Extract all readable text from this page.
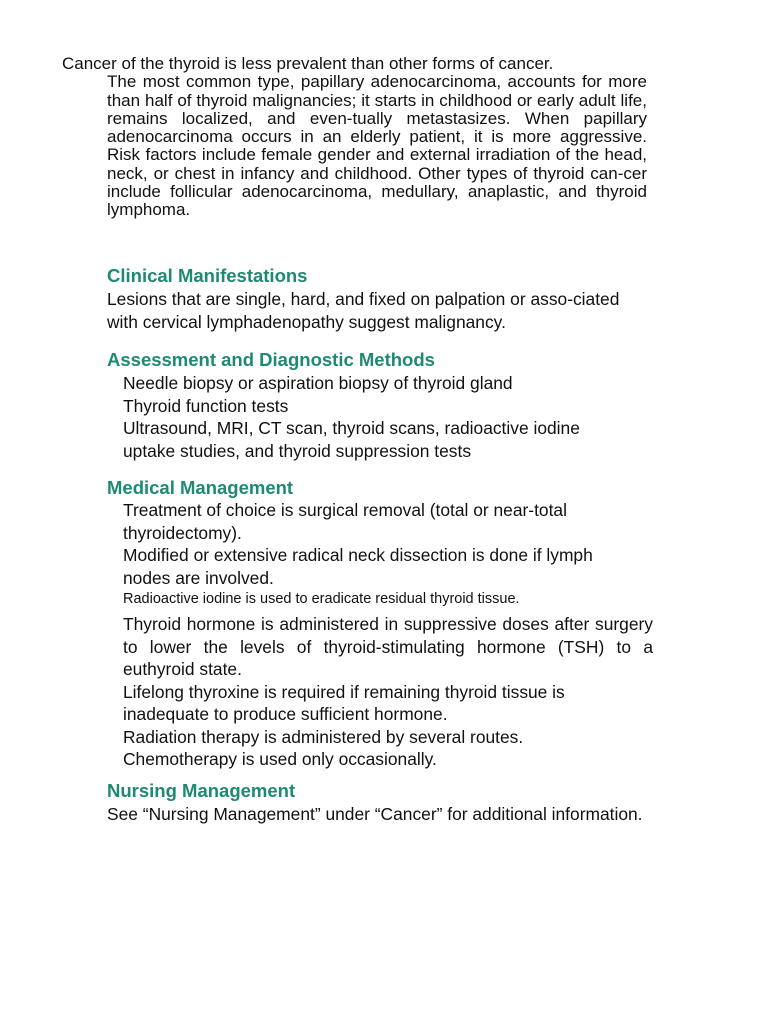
Cancer of the thyroid is less prevalent than other forms of cancer.
The most common type, papillary adenocarcinoma, accounts for more than half of thyroid malignancies; it starts in childhood or early adult life, remains localized, and even-tually metastasizes. When papillary adenocarcinoma occurs in an elderly patient, it is more aggressive. Risk factors include female gender and external irradiation of the head, neck, or chest in infancy and childhood. Other types of thyroid can-cer include follicular adenocarcinoma, medullary, anaplastic, and thyroid lymphoma.
Clinical Manifestations
Lesions that are single, hard, and fixed on palpation or asso-ciated with cervical lymphadenopathy suggest malignancy.
Assessment and Diagnostic Methods
Needle biopsy or aspiration biopsy of thyroid gland
Thyroid function tests
Ultrasound, MRI, CT scan, thyroid scans, radioactive iodine uptake studies, and thyroid suppression tests
Medical Management
Treatment of choice is surgical removal (total or near-total thyroidectomy).
Modified or extensive radical neck dissection is done if lymph nodes are involved.
Radioactive iodine is used to eradicate residual thyroid tissue.
Thyroid hormone is administered in suppressive doses after surgery to lower the levels of thyroid-stimulating hormone (TSH) to a euthyroid state.
Lifelong thyroxine is required if remaining thyroid tissue is inadequate to produce sufficient hormone.
Radiation therapy is administered by several routes.
Chemotherapy is used only occasionally.
Nursing Management
See “Nursing Management” under “Cancer” for additional information.
